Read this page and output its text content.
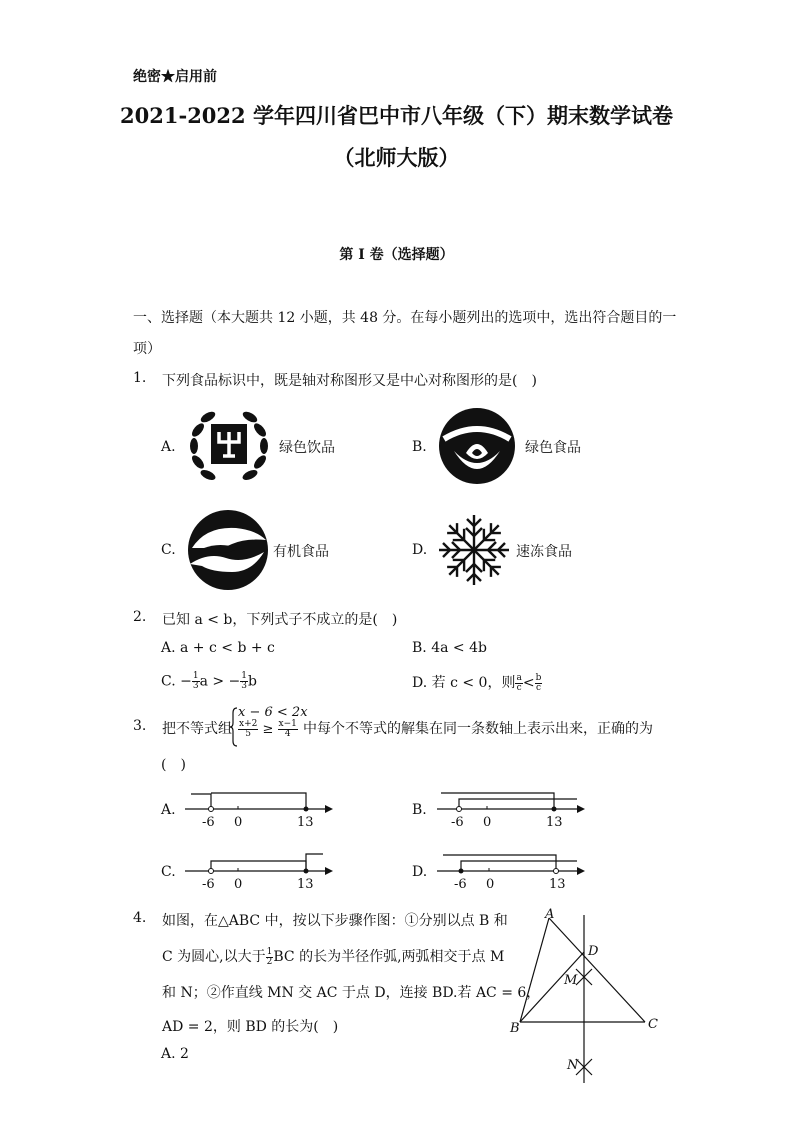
绝密★启用前
2021-2022 学年四川省巴中市八年级（下）期末数学试卷
（北师大版）
第 I 卷（选择题）
一、选择题（本大题共 12 小题，共 48 分。在每小题列出的选项中，选出符合题目的一
项）
1. 下列食品标识中，既是轴对称图形又是中心对称图形的是(　)
A.	绿色饮品	B.	绿色食品
C.	有机食品	D.	速冻食品
2. 已知 a < b，下列式子不成立的是(　)
A. a + c < b + c	B. 4a < 4b
C. − $\frac{1}{3}$ a > − $\frac{1}{3}$ b	D. 若 c < 0，则 $\frac{a}{c} < \frac{b}{c}$
3. 把不等式组
x − 6 < 2x
$\frac{x+2}{5} \ge \frac{x-1}{4}$ 中每个不等式的解集在同一条数轴上表示出来，正确的为
(　)
A.
-6 0	13
B.
-6 0	13
C.
-6 0	13
D.
-6 0	13
4. 如图，在△ABC 中，按以下步骤作图：①分别以点 B 和
C 为圆心,以大于 $\frac{1}{2}$ BC 的长为半径作弧,两弧相交于点 M
和 N；②作直线 MN 交 AC 于点 D，连接 BD.若 AC = 6，
AD = 2，则 BD 的长为(　)
A. 2
A
B	C
D
M
N
